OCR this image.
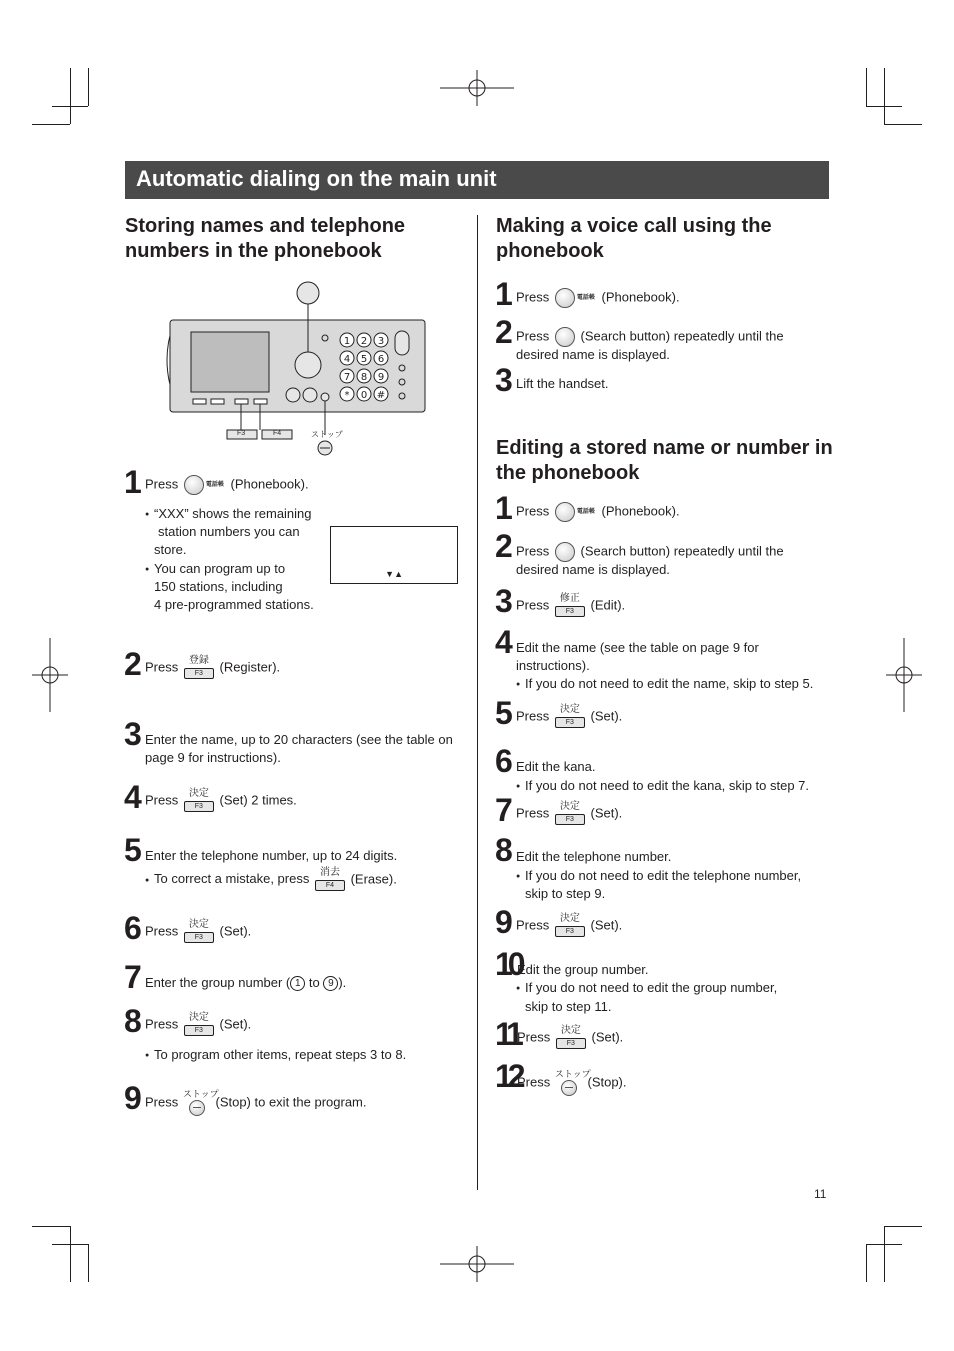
Automatic dialing on the main unit
Storing names and telephone numbers in the phonebook
1 2 3
4 5 6
7 8 9
* 0 #
F3	F4	ストップ
1 Press	電話帳 (Phonebook).
● “XXX” shows the remaining
station numbers you can
store.
● You can program up to
150 stations, including
4 pre-programmed stations.
▼▲
2 Press	登録
F3	(Register).
3 Enter the name, up to 20 characters (see the table on
page 9 for instructions).
4 Press	決定
F3	(Set) 2 times.
5 Enter the telephone number, up to 24 digits.
● To correct a mistake, press	消去
F4	(Erase).
6 Press	決定
F3	(Set).
7 Enter the group number ( 1 to 9 ).
8 Press	決定
F3	(Set).
● To program other items, repeat steps 3 to 8.
9 Press
ストップ
(Stop) to exit the program.
Making a voice call using the phonebook
1 Press	電話帳 (Phonebook).
2 Press (Search button) repeatedly until the
desired name is displayed.
3 Lift the handset.
Editing a stored name or number in the phonebook
1 Press	電話帳 (Phonebook).
2 Press (Search button) repeatedly until the
desired name is displayed.
3 Press	修正
F3	(Edit).
4 Edit the name (see the table on page 9 for
instructions).
● If you do not need to edit the name, skip to step 5.
5 Press	決定
F3	(Set).
6 Edit the kana.
● If you do not need to edit the kana, skip to step 7.
7 Press	決定
F3	(Set).
8 Edit the telephone number.
● If you do not need to edit the telephone number,
skip to step 9.
9 Press	決定
F3	(Set).
10
Edit the group number.
● If you do not need to edit the group number,
skip to step 11.
11
Press	決定
F3	(Set).
12
Press
ストップ
(Stop).
11
